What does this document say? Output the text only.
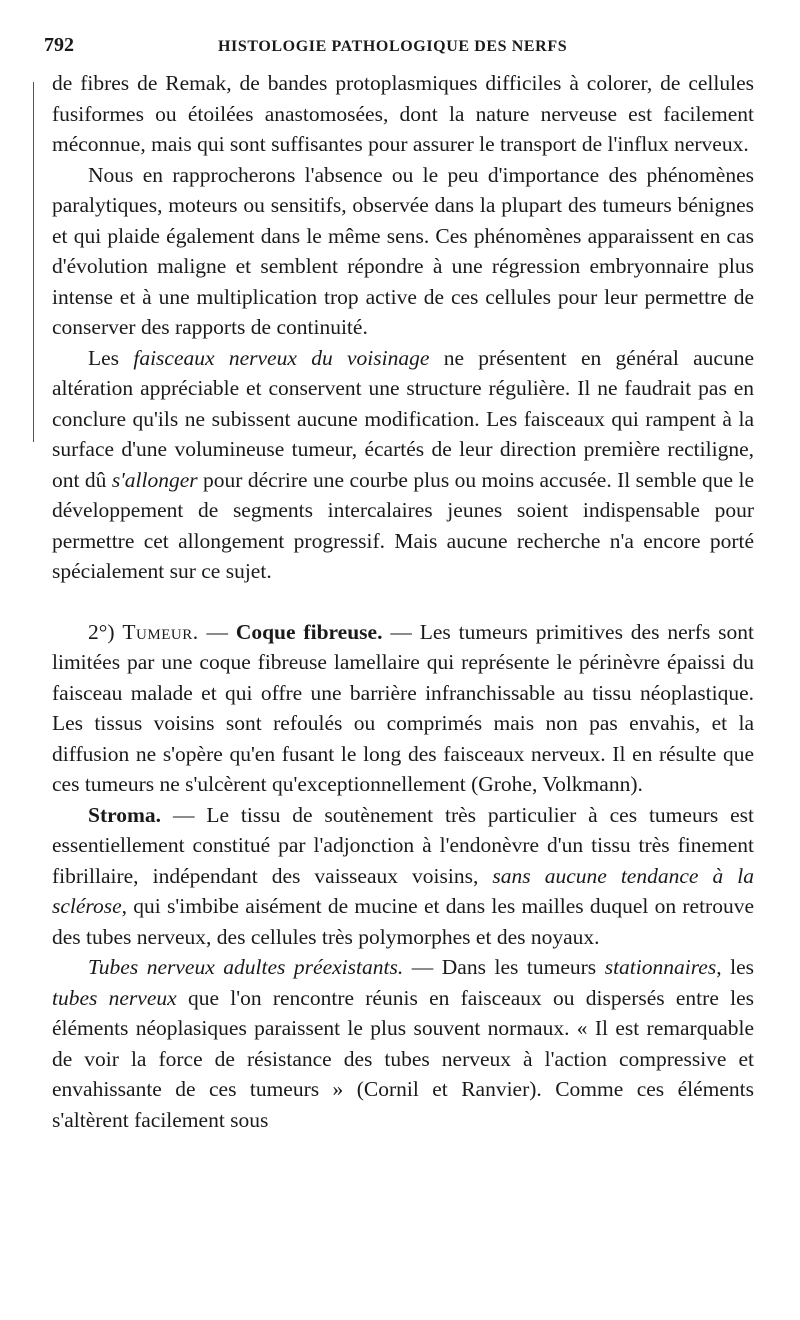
792	HISTOLOGIE PATHOLOGIQUE DES NERFS

de fibres de Remak, de bandes protoplasmiques difficiles à colorer, de cellules fusiformes ou étoilées anastomosées, dont la nature nerveuse est facilement méconnue, mais qui sont suffisantes pour assurer le transport de l'influx nerveux.

Nous en rapprocherons l'absence ou le peu d'importance des phénomènes paralytiques, moteurs ou sensitifs, observée dans la plupart des tumeurs bénignes et qui plaide également dans le même sens. Ces phénomènes apparaissent en cas d'évolution maligne et semblent répondre à une régression embryonnaire plus intense et à une multiplication trop active de ces cellules pour leur permettre de conserver des rapports de continuité.

Les faisceaux nerveux du voisinage ne présentent en général aucune altération appréciable et conservent une structure régulière. Il ne faudrait pas en conclure qu'ils ne subissent aucune modification. Les faisceaux qui rampent à la surface d'une volumineuse tumeur, écartés de leur direction première rectiligne, ont dû s'allonger pour décrire une courbe plus ou moins accusée. Il semble que le développement de segments intercalaires jeunes soient indispensable pour permettre cet allongement progressif. Mais aucune recherche n'a encore porté spécialement sur ce sujet.

2°) Tumeur. — Coque fibreuse. — Les tumeurs primitives des nerfs sont limitées par une coque fibreuse lamellaire qui représente le périnèvre épaissi du faisceau malade et qui offre une barrière infranchissable au tissu néoplastique. Les tissus voisins sont refoulés ou comprimés mais non pas envahis, et la diffusion ne s'opère qu'en fusant le long des faisceaux nerveux. Il en résulte que ces tumeurs ne s'ulcèrent qu'exceptionnellement (Grohe, Volkmann).

Stroma. — Le tissu de soutènement très particulier à ces tumeurs est essentiellement constitué par l'adjonction à l'endonèvre d'un tissu très finement fibrillaire, indépendant des vaisseaux voisins, sans aucune tendance à la sclérose, qui s'imbibe aisément de mucine et dans les mailles duquel on retrouve des tubes nerveux, des cellules très polymorphes et des noyaux.

Tubes nerveux adultes préexistants. — Dans les tumeurs stationnaires, les tubes nerveux que l'on rencontre réunis en faisceaux ou dispersés entre les éléments néoplasiques paraissent le plus souvent normaux. « Il est remarquable de voir la force de résistance des tubes nerveux à l'action compressive et envahissante de ces tumeurs » (Cornil et Ranvier). Comme ces éléments s'altèrent facilement sous
